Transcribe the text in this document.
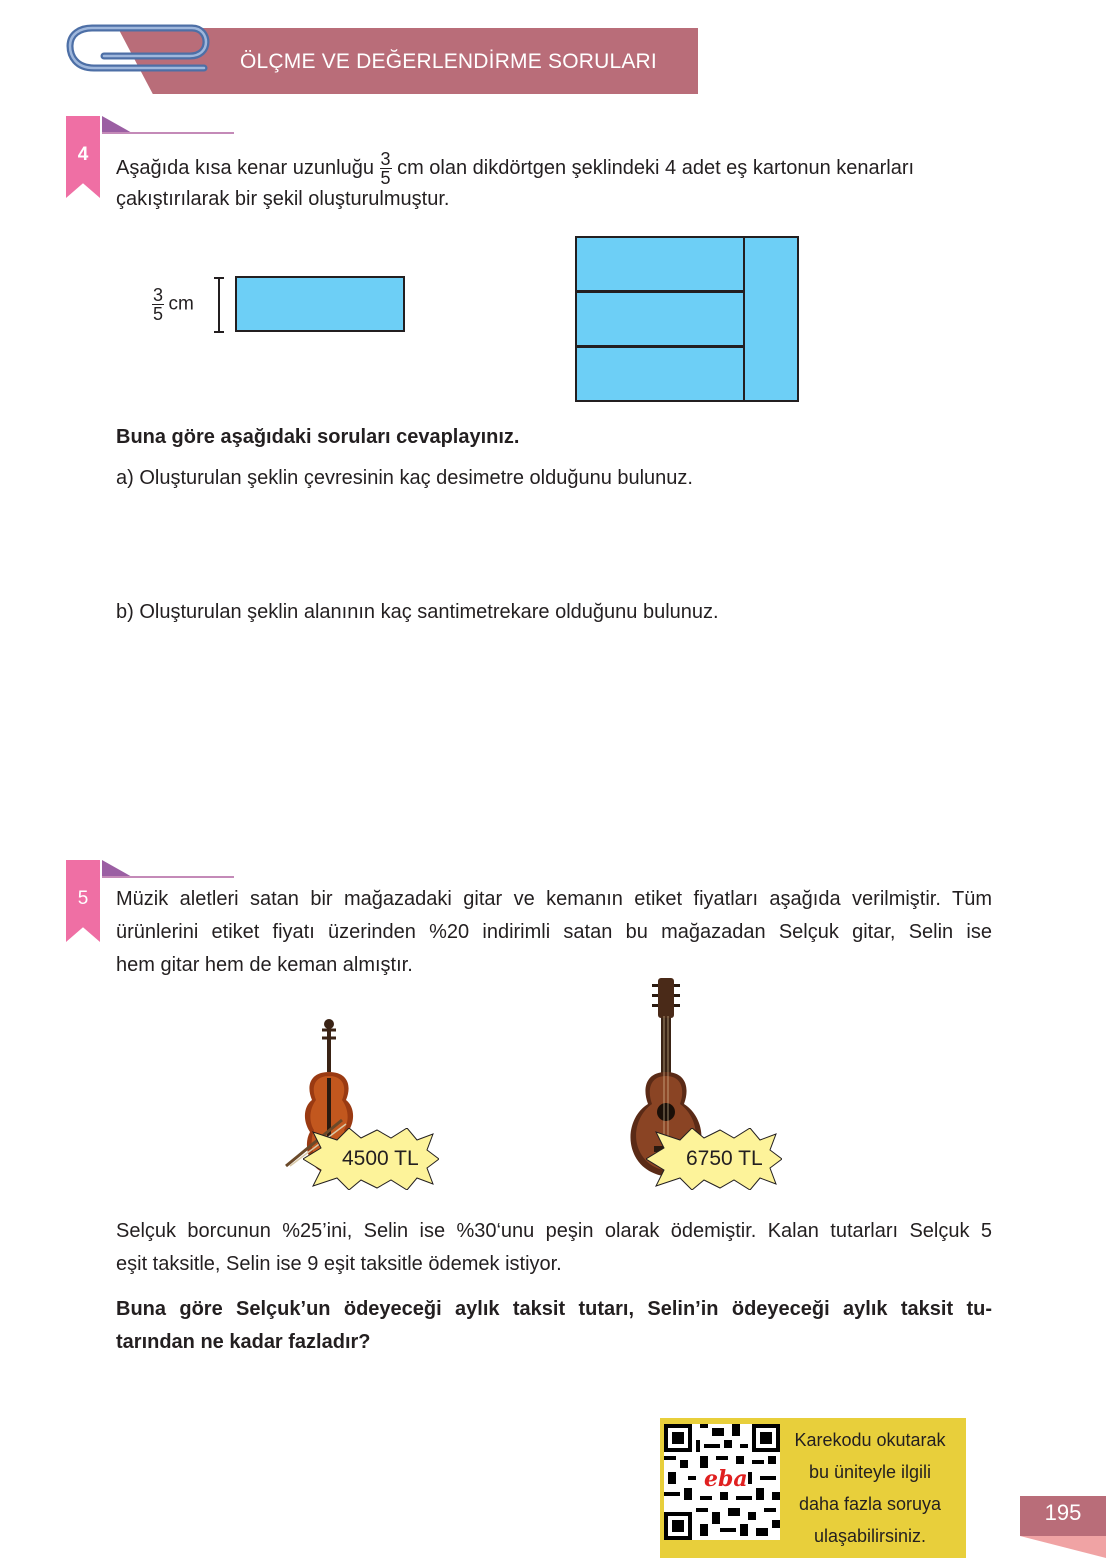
ÖLÇME VE DEĞERLENDİRME SORULARI
4
Aşağıda kısa kenar uzunluğu $\frac{3}{5}$ cm olan dikdörtgen şeklindeki 4 adet eş kartonun kenarları
çakıştırılarak bir şekil oluşturulmuştur.
$\frac{3}{5}$ cm
Buna göre aşağıdaki soruları cevaplayınız.
a) Oluşturulan şeklin çevresinin kaç desimetre olduğunu bulunuz.
b) Oluşturulan şeklin alanının kaç santimetrekare olduğunu bulunuz.
5	Müzik aletleri satan bir mağazadaki gitar ve kemanın etiket fiyatları aşağıda verilmiştir. Tüm
ürünlerini etiket fiyatı üzerinden %20 indirimli satan bu mağazadan Selçuk gitar, Selin ise
hem gitar hem de keman almıştır.
4500 TL	6750 TL
Selçuk borcunun %25’ini, Selin ise %30‘unu peşin olarak ödemiştir. Kalan tutarları Selçuk 5
eşit taksitle, Selin ise 9 eşit taksitle ödemek istiyor.
Buna göre Selçuk’un ödeyeceği aylık taksit tutarı, Selin’in ödeyeceği aylık taksit tu-
tarından ne kadar fazladır?
eba
Karekodu okutarak
bu üniteyle ilgili
daha fazla soruya
ulaşabilirsiniz.
195
